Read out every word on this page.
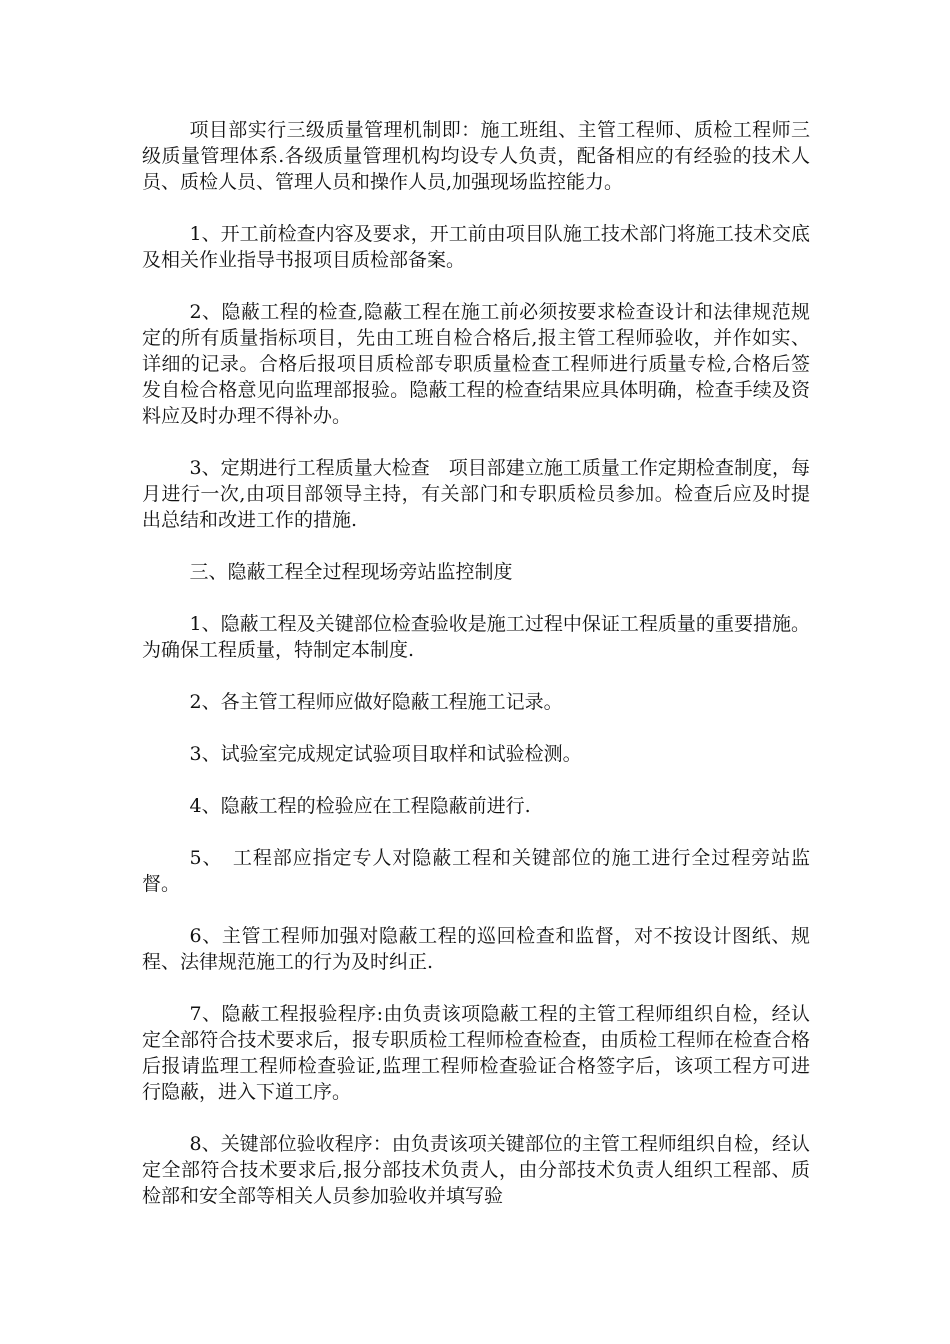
项目部实行三级质量管理机制即：施工班组、主管工程师、质检工程师三级质量管理体系.各级质量管理机构均设专人负责，配备相应的有经验的技术人员、质检人员、管理人员和操作人员,加强现场监控能力。

1、开工前检查内容及要求，开工前由项目队施工技术部门将施工技术交底及相关作业指导书报项目质检部备案。

2、隐蔽工程的检查,隐蔽工程在施工前必须按要求检查设计和法律规范规定的所有质量指标项目，先由工班自检合格后,报主管工程师验收，并作如实、详细的记录。合格后报项目质检部专职质量检查工程师进行质量专检,合格后签发自检合格意见向监理部报验。隐蔽工程的检查结果应具体明确，检查手续及资料应及时办理不得补办。

3、定期进行工程质量大检查　项目部建立施工质量工作定期检查制度，每月进行一次,由项目部领导主持，有关部门和专职质检员参加。检查后应及时提出总结和改进工作的措施.

三、隐蔽工程全过程现场旁站监控制度

1、隐蔽工程及关键部位检查验收是施工过程中保证工程质量的重要措施。为确保工程质量，特制定本制度.

2、各主管工程师应做好隐蔽工程施工记录。

3、试验室完成规定试验项目取样和试验检测。

4、隐蔽工程的检验应在工程隐蔽前进行.

5、　工程部应指定专人对隐蔽工程和关键部位的施工进行全过程旁站监督。

6、主管工程师加强对隐蔽工程的巡回检查和监督，对不按设计图纸、规程、法律规范施工的行为及时纠正.

7、隐蔽工程报验程序:由负责该项隐蔽工程的主管工程师组织自检，经认定全部符合技术要求后，报专职质检工程师检查检查，由质检工程师在检查合格后报请监理工程师检查验证,监理工程师检查验证合格签字后，该项工程方可进行隐蔽，进入下道工序。

8、关键部位验收程序：由负责该项关键部位的主管工程师组织自检，经认定全部符合技术要求后,报分部技术负责人，由分部技术负责人组织工程部、质检部和安全部等相关人员参加验收并填写验
